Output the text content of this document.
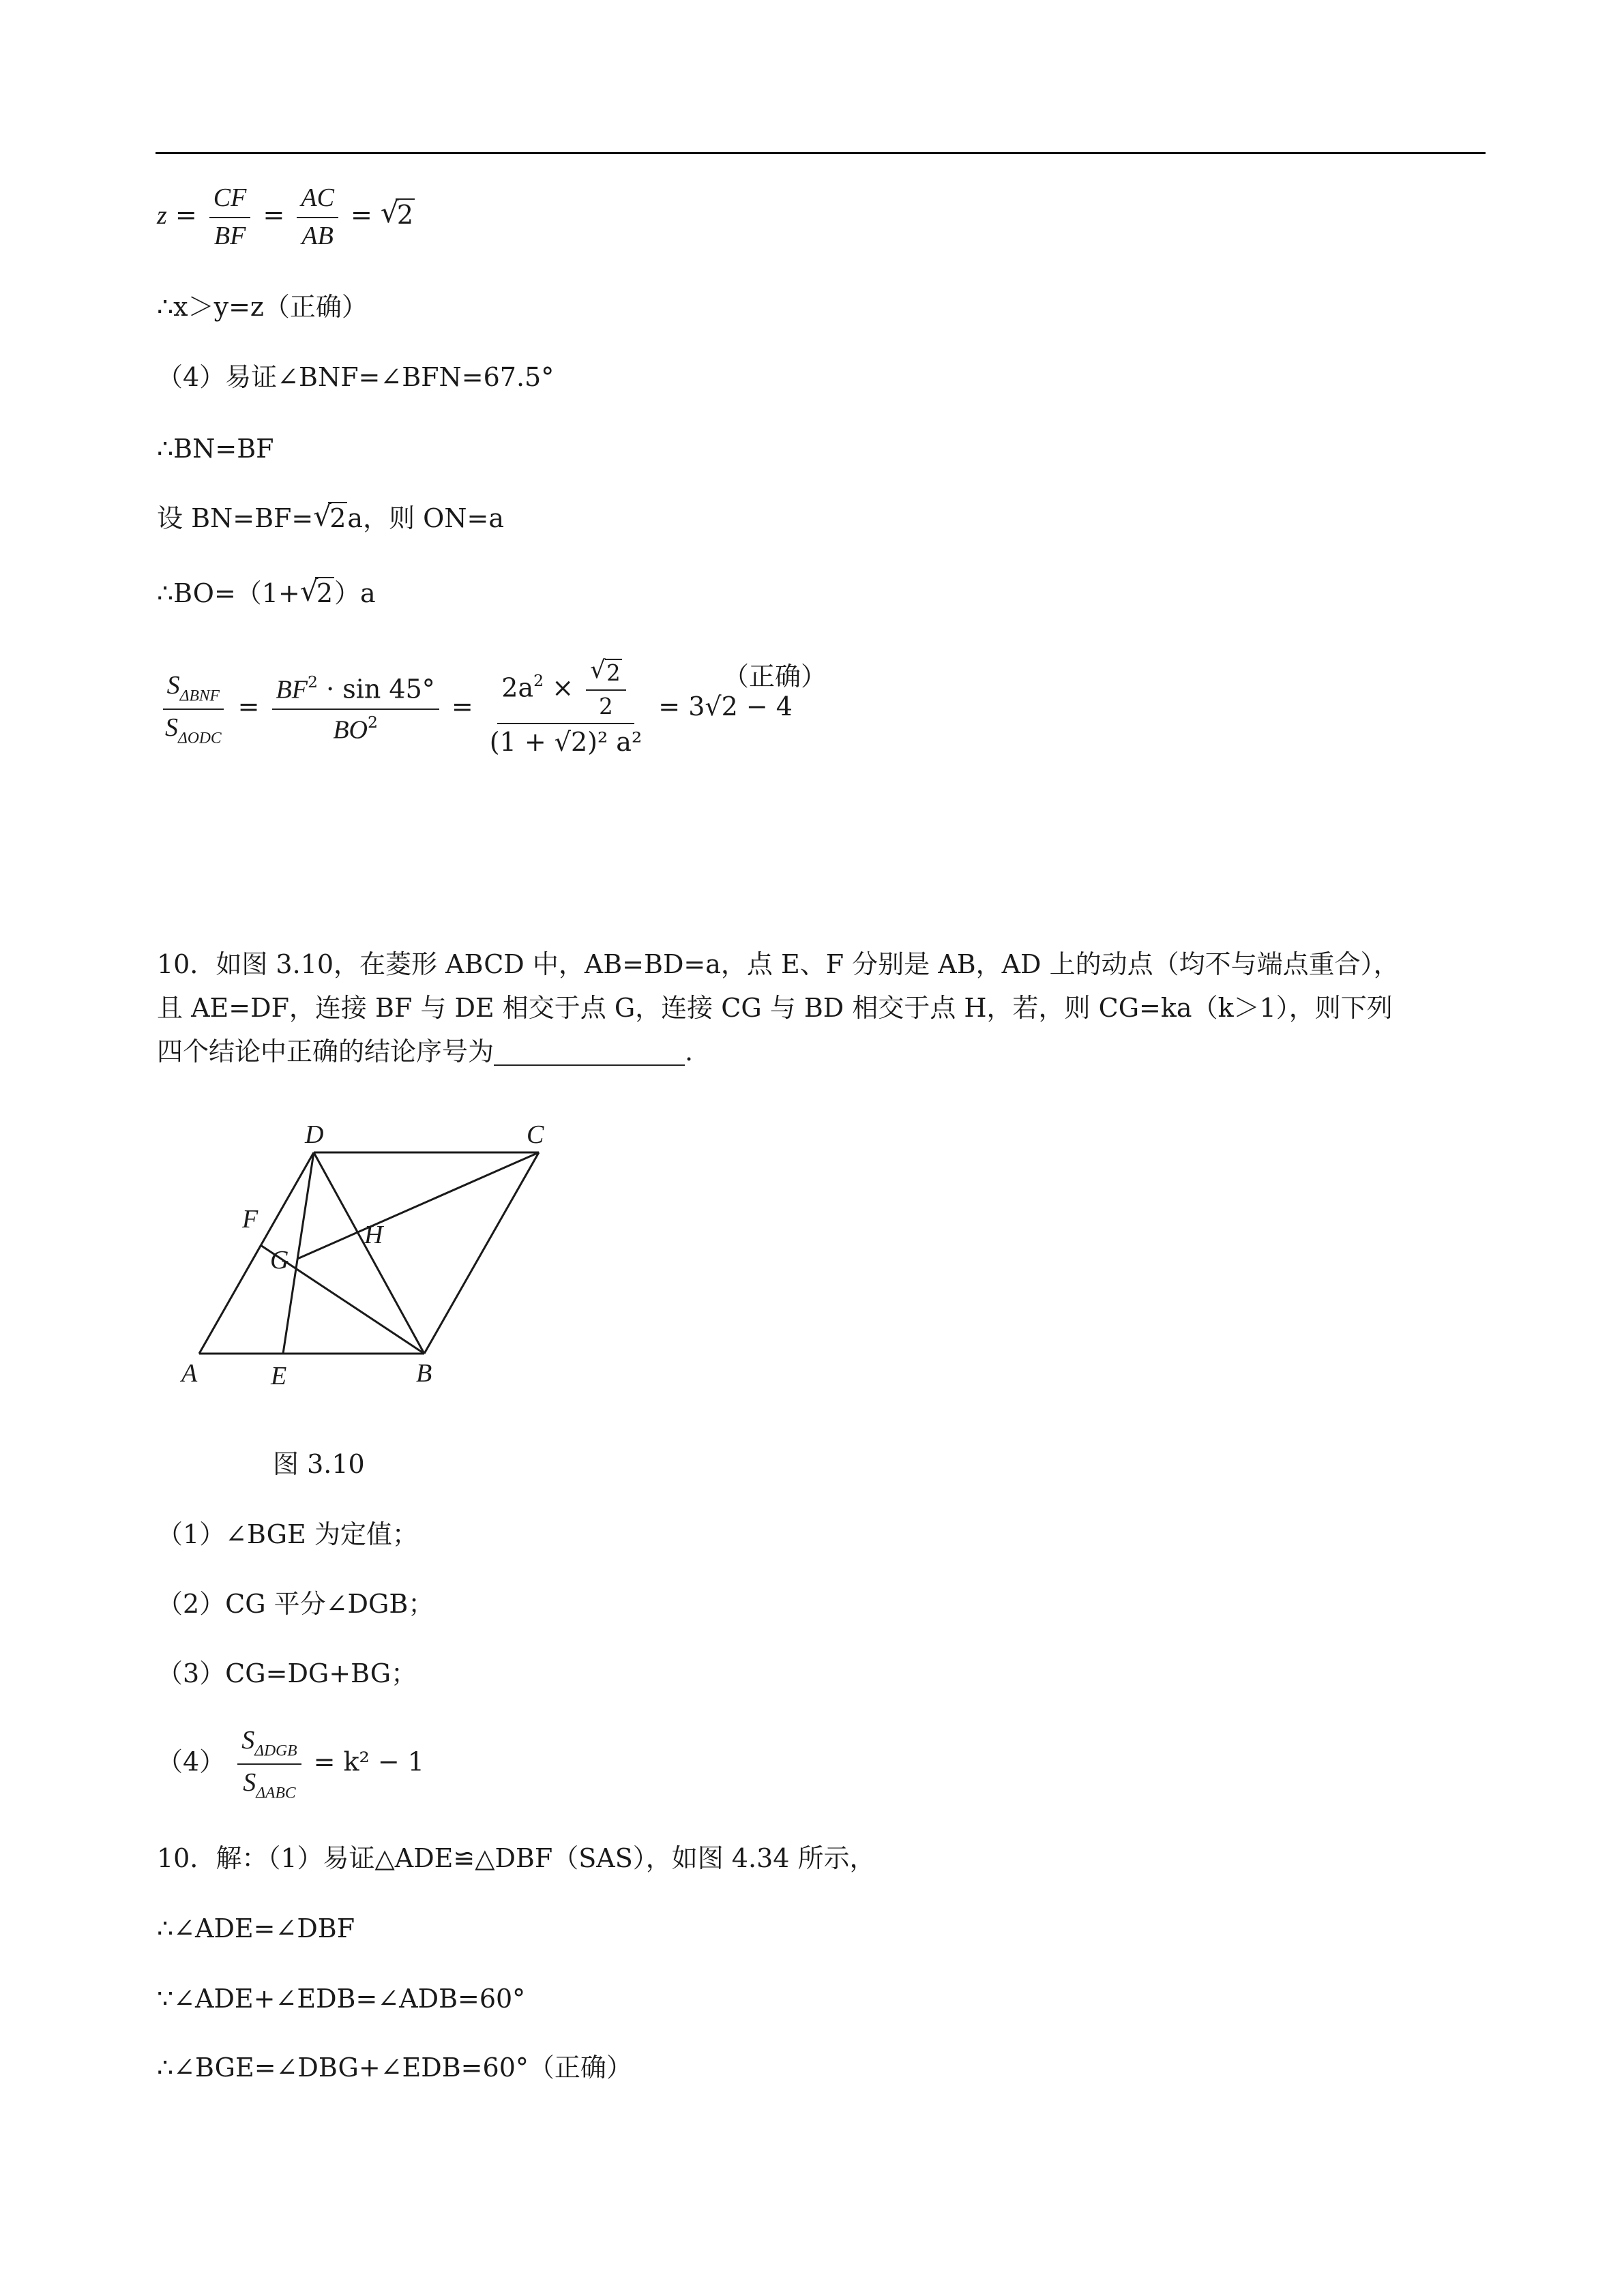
$z = \frac{CF}{BF} = \frac{AC}{AB}$ = √ 2
∴x＞y=z（正确）
（4）易证∠BNF=∠BFN=67.5°
∴BN=BF
设 BN=BF=√ 2a，则 ON=a
∴BO=（1+√ 2）a
$\frac{S_{\Delta BNF}}{S_{\Delta ODC}} = \frac{BF^2 \cdot \sin 45^\circ}{BO^2} = 2a^2$ ×
√ $\frac{2}{2}$
(1 + √2)² a² = 3√2 − 4
（正确）
10．如图 3.10，在菱形 ABCD 中，AB=BD=a，点 E、F 分别是 AB，AD 上的动点（均不与端点重合），
且 AE=DF，连接 BF 与 DE 相交于点 G，连接 CG 与 BD 相交于点 H，若，则 CG=ka（k＞1），则下列
四个结论中正确的结论序号为	.
D	C
F
H
G
A	E	B
图 3.10
（1）∠BGE 为定值；
（2）CG 平分∠DGB；
（3）CG=DG+BG；
$(4) \frac{S_{\Delta DGB}}{S_{\Delta ABC}} = k^2 - 1$
10．解：（1）易证△ADE≌△DBF（SAS），如图 4.34 所示，
∴∠ADE=∠DBF
∵∠ADE+∠EDB=∠ADB=60°
∴∠BGE=∠DBG+∠EDB=60°（正确）
